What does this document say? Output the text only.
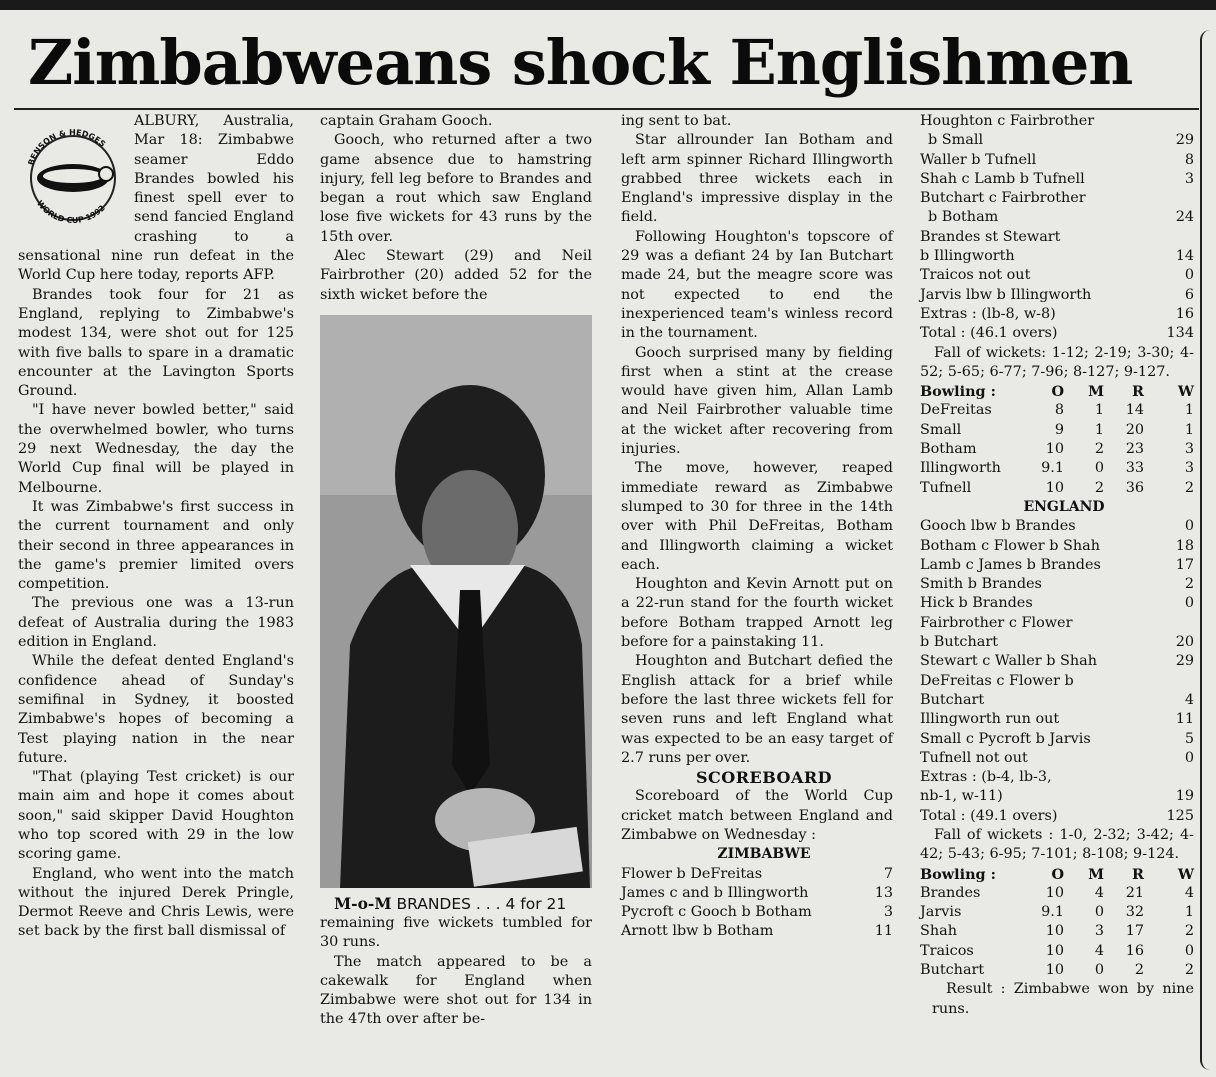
Zimbabweans shock Englishmen
BENSON & HEDGES
WORLD CUP 1992

ALBURY, Australia, Mar 18: Zimbabwe seamer Eddo Brandes bowled his finest spell ever to send fancied England crashing to a sensational nine run defeat in the World Cup here today, reports AFP.

Brandes took four for 21 as England, replying to Zimbabwe's modest 134, were shot out for 125 with five balls to spare in a dramatic encounter at the Lavington Sports Ground.

"I have never bowled better," said the overwhelmed bowler, who turns 29 next Wednesday, the day the World Cup final will be played in Melbourne.

It was Zimbabwe's first success in the current tournament and only their second in three appearances in the game's premier limited overs competition.

The previous one was a 13-run defeat of Australia during the 1983 edition in England.

While the defeat dented England's confidence ahead of Sunday's semifinal in Sydney, it boosted Zimbabwe's hopes of becoming a Test playing nation in the near future.

"That (playing Test cricket) is our main aim and hope it comes about soon," said skipper David Houghton who top scored with 29 in the low scoring game.

England, who went into the match without the injured Derek Pringle, Dermot Reeve and Chris Lewis, were set back by the first ball dismissal of

captain Graham Gooch.

Gooch, who returned after a two game absence due to hamstring injury, fell leg before to Brandes and began a rout which saw England lose five wickets for 43 runs by the 15th over.

Alec Stewart (29) and Neil Fairbrother (20) added 52 for the sixth wicket before the

M-o-M BRANDES . . . 4 for 21

remaining five wickets tumbled for 30 runs.

The match appeared to be a cakewalk for England when Zimbabwe were shot out for 134 in the 47th over after be-

ing sent to bat.

Star allrounder Ian Botham and left arm spinner Richard Illingworth grabbed three wickets each in England's impressive display in the field.

Following Houghton's topscore of 29 was a defiant 24 by Ian Butchart made 24, but the meagre score was not expected to end the inexperienced team's winless record in the tournament.

Gooch surprised many by fielding first when a stint at the crease would have given him, Allan Lamb and Neil Fairbrother valuable time at the wicket after recovering from injuries.

The move, however, reaped immediate reward as Zimbabwe slumped to 30 for three in the 14th over with Phil DeFreitas, Botham and Illingworth claiming a wicket each.

Houghton and Kevin Arnott put on a 22-run stand for the fourth wicket before Botham trapped Arnott leg before for a painstaking 11.

Houghton and Butchart defied the English attack for a brief while before the last three wickets fell for seven runs and left England what was expected to be an easy target of 2.7 runs per over.

SCOREBOARD

Scoreboard of the World Cup cricket match between England and Zimbabwe on Wednesday :

ZIMBABWE

Flower b DeFreitas	7
James c and b Illingworth	13
Pycroft c Gooch b Botham	3
Arnott lbw b Botham	11
Houghton c Fairbrother
b Small	29
Waller b Tufnell	8
Shah c Lamb b Tufnell	3
Butchart c Fairbrother
b Botham	24
Brandes st Stewart
b Illingworth	14
Traicos not out	0
Jarvis lbw b Illingworth	6
Extras : (lb-8, w-8)	16
Total : (46.1 overs)	134

Fall of wickets: 1-12; 2-19; 3-30; 4-52; 5-65; 6-77; 7-96; 8-127; 9-127.

Bowling :	O	M	R	W
DeFreitas	8	1	14	1
Small	9	1	20	1
Botham	10	2	23	3
Illingworth	9.1	0	33	3
Tufnell	10	2	36	2

ENGLAND

Gooch lbw b Brandes	0
Botham c Flower b Shah	18
Lamb c James b Brandes	17
Smith b Brandes	2
Hick b Brandes	0
Fairbrother c Flower
b Butchart	20
Stewart c Waller b Shah	29
DeFreitas c Flower b
Butchart	4
Illingworth run out	11
Small c Pycroft b Jarvis	5
Tufnell not out	0
Extras : (b-4, lb-3,
nb-1, w-11)	19
Total : (49.1 overs)	125

Fall of wickets : 1-0, 2-32; 3-42; 4-42; 5-43; 6-95; 7-101; 8-108; 9-124.

Bowling :	O	M	R	W
Brandes	10	4	21	4
Jarvis	9.1	0	32	1
Shah	10	3	17	2
Traicos	10	4	16	0
Butchart	10	0	2	2

Result : Zimbabwe won by nine runs.
